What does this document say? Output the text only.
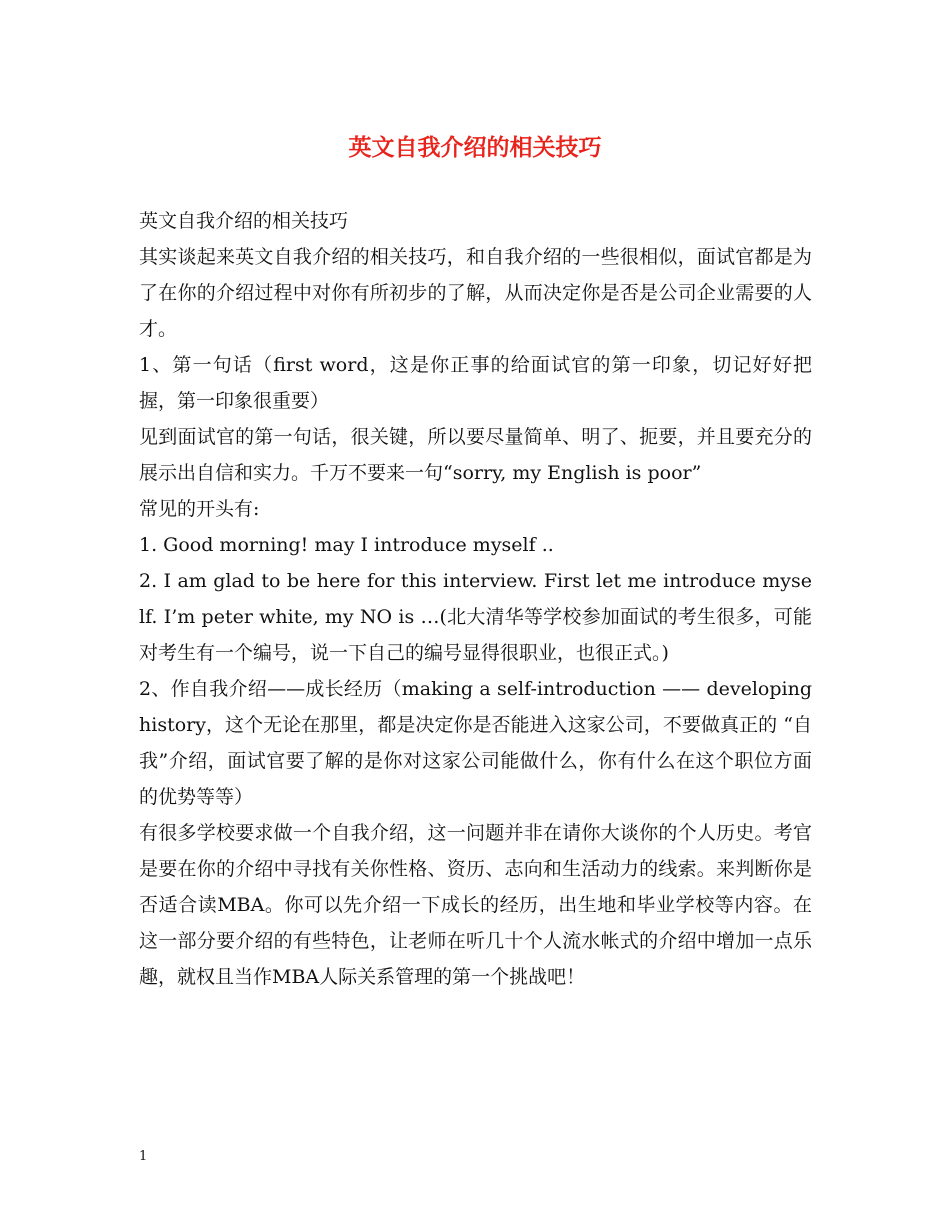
英文自我介绍的相关技巧

英文自我介绍的相关技巧

其实谈起来英文自我介绍的相关技巧，和自我介绍的一些很相似，面试官都是为了在你的介绍过程中对你有所初步的了解，从而决定你是否是公司企业需要的人才。

1、第一句话（first word，这是你正事的给面试官的第一印象，切记好好把握，第一印象很重要）

见到面试官的第一句话，很关键，所以要尽量简单、明了、扼要，并且要充分的展示出自信和实力。千万不要来一句“sorry, my English is poor”

常见的开头有:

1. Good morning! may I introduce myself ..

2. I am glad to be here for this interview. First let me introduce myself. I’m peter white, my NO is …(北大清华等学校参加面试的考生很多，可能对考生有一个编号，说一下自己的编号显得很职业，也很正式。)

2、作自我介绍——成长经历（making a self-introduction —— developing history，这个无论在那里，都是决定你是否能进入这家公司，不要做真正的 “自我”介绍，面试官要了解的是你对这家公司能做什么，你有什么在这个职位方面的优势等等）

有很多学校要求做一个自我介绍，这一问题并非在请你大谈你的个人历史。考官是要在你的介绍中寻找有关你性格、资历、志向和生活动力的线索。来判断你是否适合读MBA。你可以先介绍一下成长的经历，出生地和毕业学校等内容。在这一部分要介绍的有些特色，让老师在听几十个人流水帐式的介绍中增加一点乐趣，就权且当作MBA人际关系管理的第一个挑战吧！

1
